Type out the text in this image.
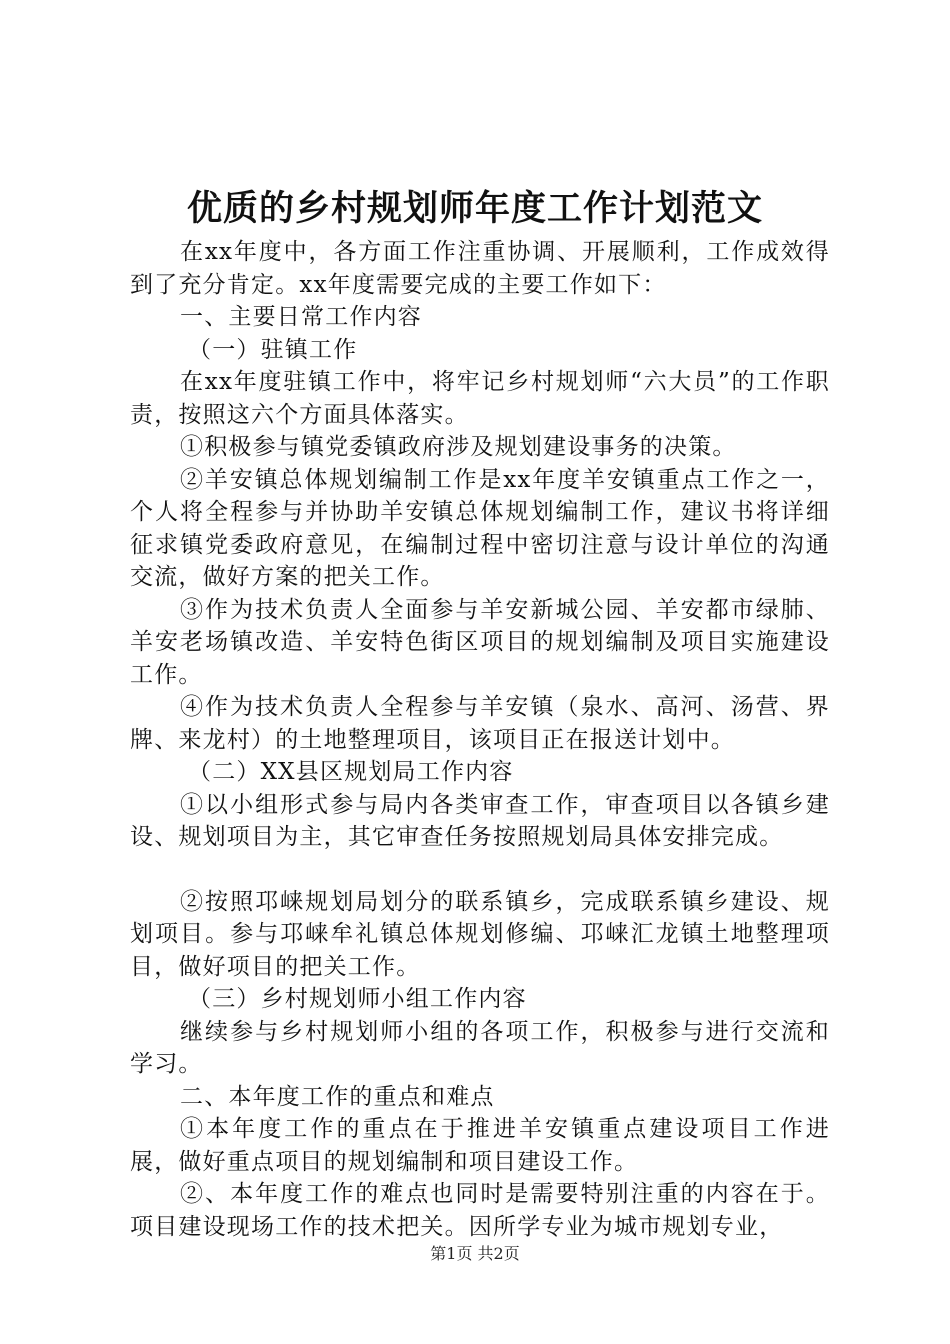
优质的乡村规划师年度工作计划范文

在xx年度中，各方面工作注重协调、开展顺利，工作成效得到了充分肯定。xx年度需要完成的主要工作如下：

一、主要日常工作内容

（一）驻镇工作

在xx年度驻镇工作中，将牢记乡村规划师“六大员”的工作职责，按照这六个方面具体落实。

①积极参与镇党委镇政府涉及规划建设事务的决策。

②羊安镇总体规划编制工作是xx年度羊安镇重点工作之一，个人将全程参与并协助羊安镇总体规划编制工作，建议书将详细征求镇党委政府意见，在编制过程中密切注意与设计单位的沟通交流，做好方案的把关工作。

③作为技术负责人全面参与羊安新城公园、羊安都市绿肺、羊安老场镇改造、羊安特色街区项目的规划编制及项目实施建设工作。

④作为技术负责人全程参与羊安镇（泉水、高河、汤营、界牌、来龙村）的土地整理项目，该项目正在报送计划中。

（二）XX县区规划局工作内容

①以小组形式参与局内各类审查工作，审查项目以各镇乡建设、规划项目为主，其它审查任务按照规划局具体安排完成。

②按照邛崃规划局划分的联系镇乡，完成联系镇乡建设、规划项目。参与邛崃牟礼镇总体规划修编、邛崃汇龙镇土地整理项目，做好项目的把关工作。

（三）乡村规划师小组工作内容

继续参与乡村规划师小组的各项工作，积极参与进行交流和学习。

二、本年度工作的重点和难点

①本年度工作的重点在于推进羊安镇重点建设项目工作进展，做好重点项目的规划编制和项目建设工作。

②、本年度工作的难点也同时是需要特别注重的内容在于。项目建设现场工作的技术把关。因所学专业为城市规划专业，

第1页 共2页
